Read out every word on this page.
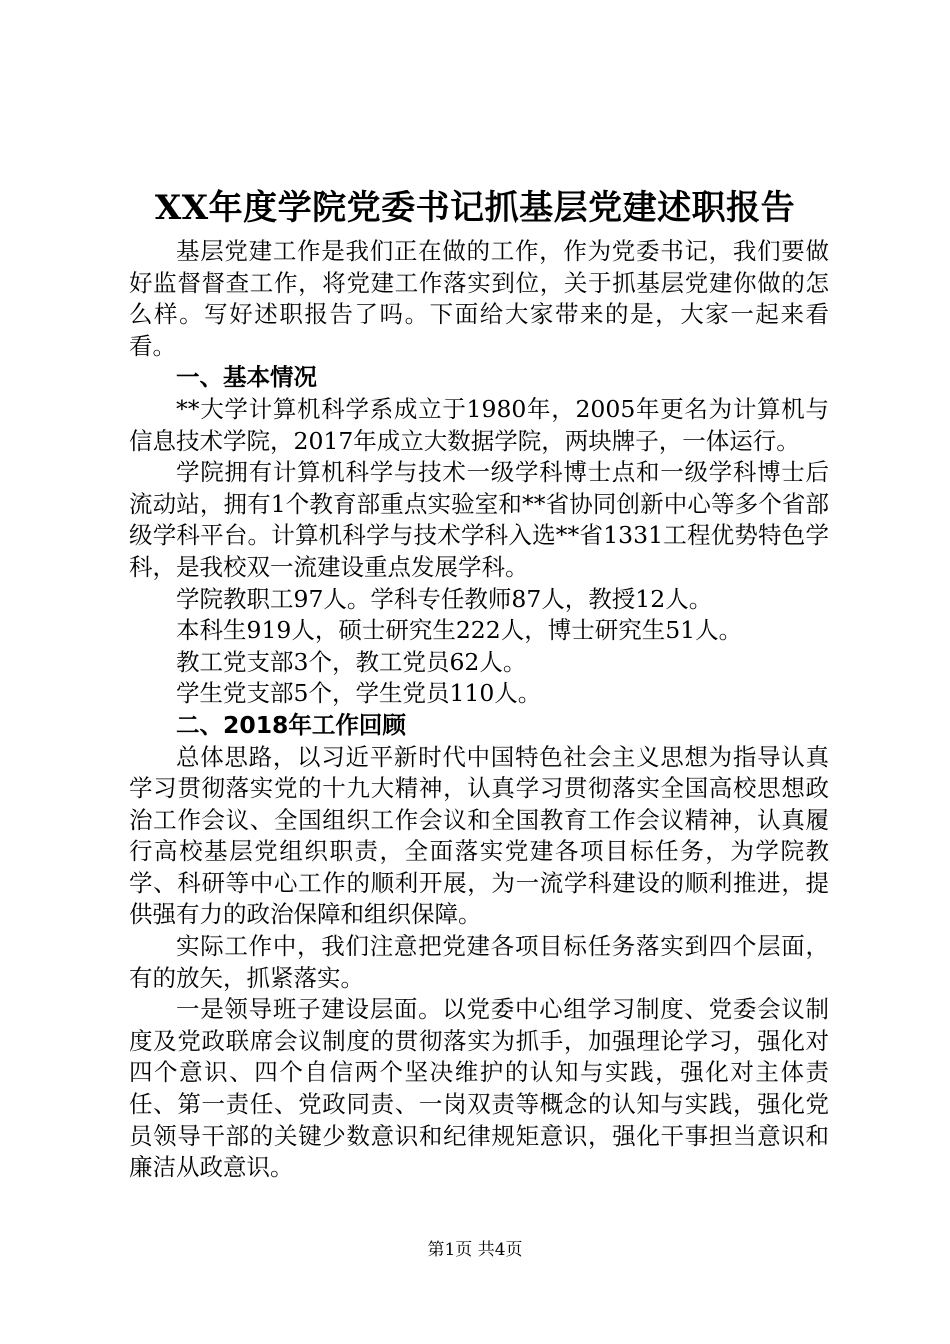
XX年度学院党委书记抓基层党建述职报告

基层党建工作是我们正在做的工作，作为党委书记，我们要做好监督督查工作，将党建工作落实到位，关于抓基层党建你做的怎么样。写好述职报告了吗。下面给大家带来的是，大家一起来看看。

一、基本情况

**大学计算机科学系成立于1980年，2005年更名为计算机与信息技术学院，2017年成立大数据学院，两块牌子，一体运行。

学院拥有计算机科学与技术一级学科博士点和一级学科博士后流动站，拥有1个教育部重点实验室和**省协同创新中心等多个省部级学科平台。计算机科学与技术学科入选**省1331工程优势特色学科，是我校双一流建设重点发展学科。

学院教职工97人。学科专任教师87人，教授12人。

本科生919人，硕士研究生222人，博士研究生51人。

教工党支部3个，教工党员62人。

学生党支部5个，学生党员110人。

二、2018年工作回顾

总体思路，以习近平新时代中国特色社会主义思想为指导认真学习贯彻落实党的十九大精神，认真学习贯彻落实全国高校思想政治工作会议、全国组织工作会议和全国教育工作会议精神，认真履行高校基层党组织职责，全面落实党建各项目标任务，为学院教学、科研等中心工作的顺利开展，为一流学科建设的顺利推进，提供强有力的政治保障和组织保障。

实际工作中，我们注意把党建各项目标任务落实到四个层面，有的放矢，抓紧落实。

一是领导班子建设层面。以党委中心组学习制度、党委会议制度及党政联席会议制度的贯彻落实为抓手，加强理论学习，强化对四个意识、四个自信两个坚决维护的认知与实践，强化对主体责任、第一责任、党政同责、一岗双责等概念的认知与实践，强化党员领导干部的关键少数意识和纪律规矩意识，强化干事担当意识和廉洁从政意识。

第1页 共4页
